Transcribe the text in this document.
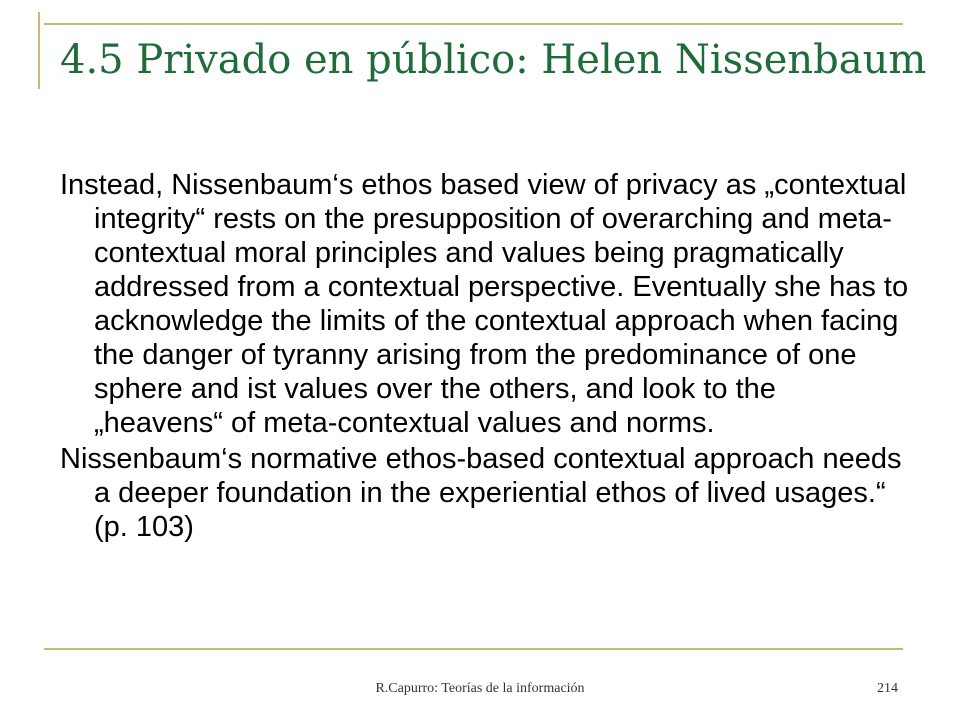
4.5 Privado en público: Helen Nissenbaum

Instead, Nissenbaum‘s ethos based view of privacy as „contextual integrity“ rests on the presupposition of overarching and meta-contextual moral principles and values being pragmatically addressed from a contextual perspective. Eventually she has to acknowledge the limits of the contextual approach when facing the danger of tyranny arising from the predominance of one sphere and ist values over the others, and look to the „heavens“ of meta-contextual values and norms.

Nissenbaum‘s normative ethos-based contextual approach needs a deeper foundation in the experiential ethos of lived usages.“ (p. 103)

R.Capurro: Teorías de la información	214
